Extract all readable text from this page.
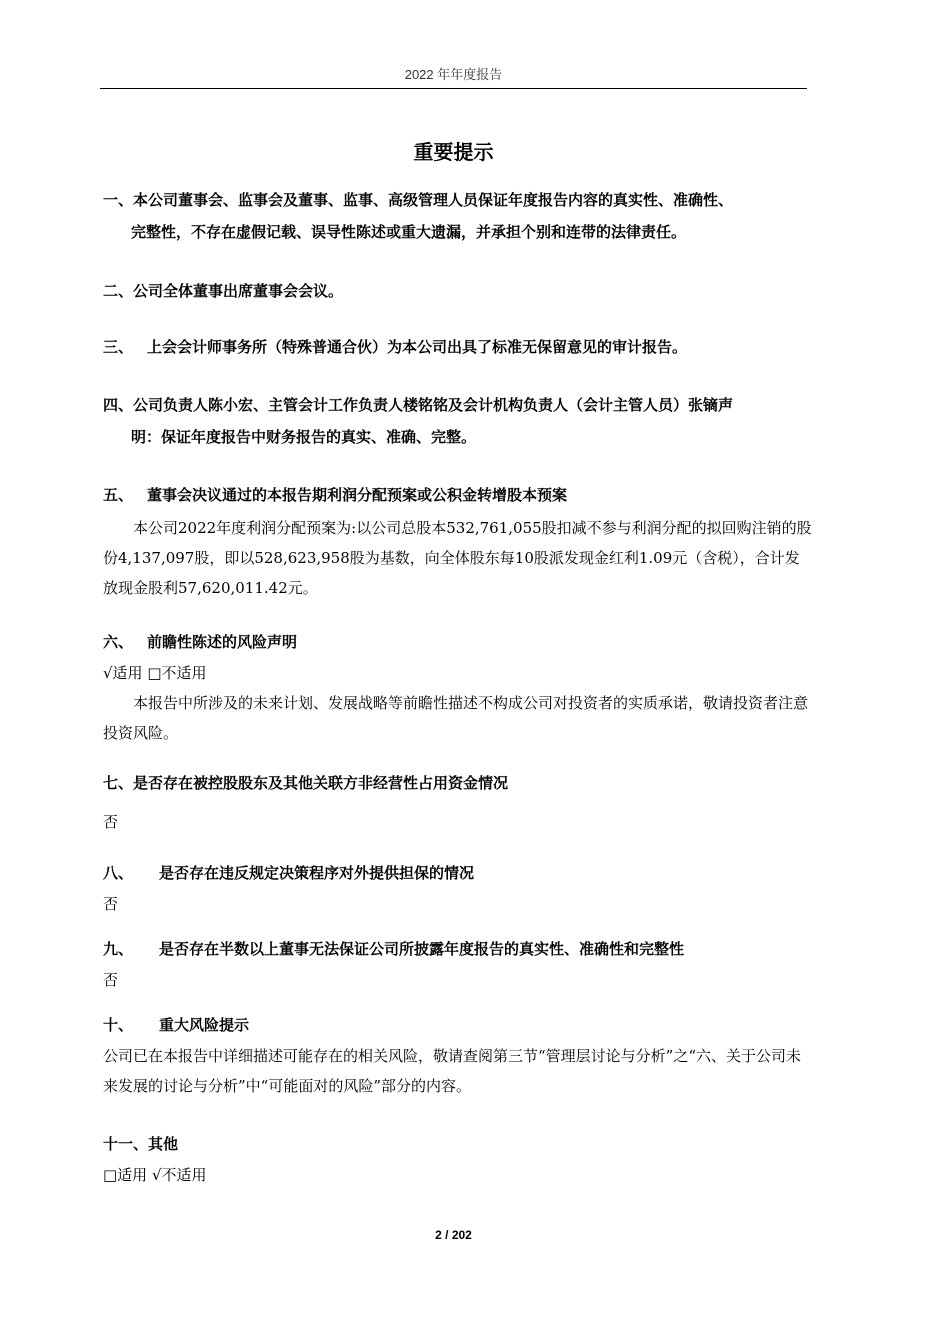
2022 年年度报告
重要提示
一、本公司董事会、监事会及董事、监事、高级管理人员保证年度报告内容的真实性、准确性、
完整性，不存在虚假记载、误导性陈述或重大遗漏，并承担个别和连带的法律责任。
二、公司全体董事出席董事会会议。
三、 上会会计师事务所（特殊普通合伙）为本公司出具了标准无保留意见的审计报告。
四、公司负责人陈小宏、主管会计工作负责人楼铭铭及会计机构负责人（会计主管人员）张镝声
明：保证年度报告中财务报告的真实、准确、完整。
五、 董事会决议通过的本报告期利润分配预案或公积金转增股本预案
本公司2022年度利润分配预案为:以公司总股本532,761,055股扣减不参与利润分配的拟回购注销的股份4,137,097股，即以528,623,958股为基数，向全体股东每10股派发现金红利1.09元（含税），合计发放现金股利57,620,011.42元。
六、 前瞻性陈述的风险声明
√适用 □不适用
本报告中所涉及的未来计划、发展战略等前瞻性描述不构成公司对投资者的实质承诺，敬请投资者注意投资风险。
七、是否存在被控股股东及其他关联方非经营性占用资金情况
否
八、 是否存在违反规定决策程序对外提供担保的情况
否
九、 是否存在半数以上董事无法保证公司所披露年度报告的真实性、准确性和完整性
否
十、 重大风险提示
公司已在本报告中详细描述可能存在的相关风险，敬请查阅第三节“管理层讨论与分析”之“六、关于公司未来发展的讨论与分析”中“可能面对的风险”部分的内容。
十一、其他
□适用 √不适用
2 / 202
